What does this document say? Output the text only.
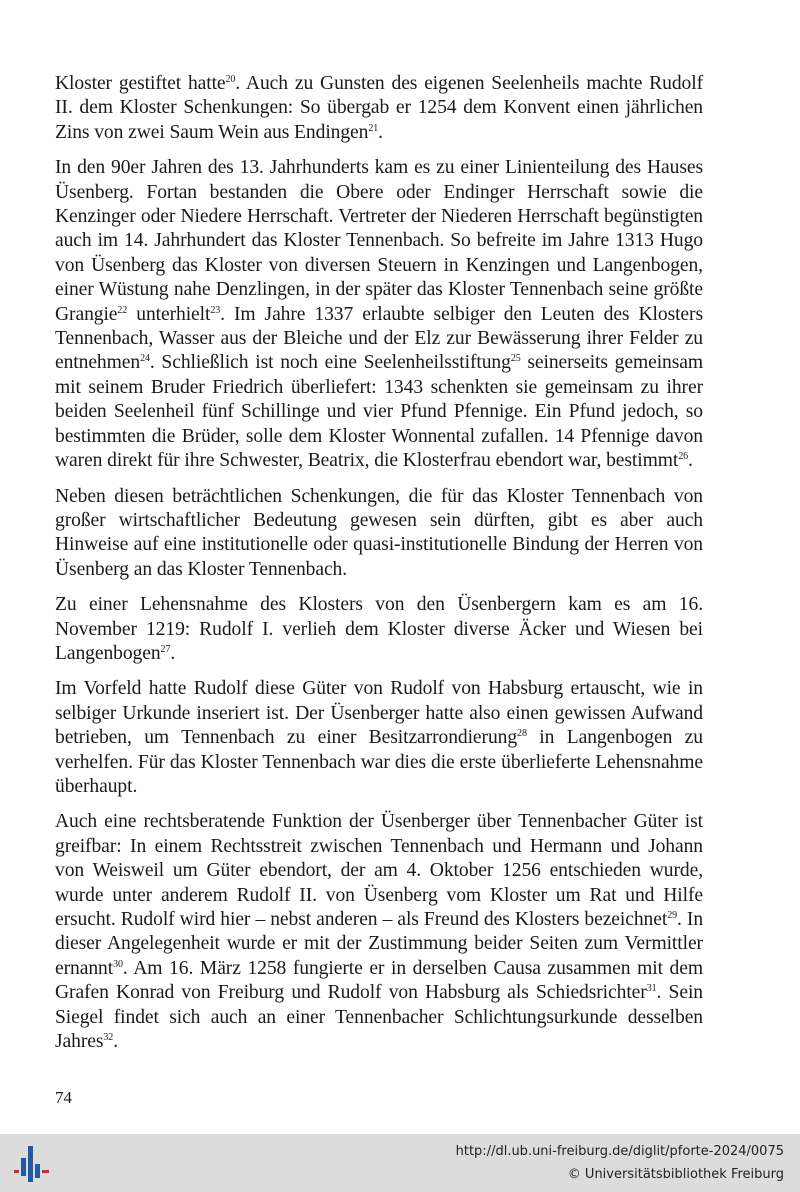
Kloster gestiftet hatte$^{20}$. Auch zu Gunsten des eigenen Seelenheils machte Rudolf II. dem Kloster Schenkungen: So übergab er 1254 dem Konvent einen jährlichen Zins von zwei Saum Wein aus Endingen$^{21}$.

In den 90er Jahren des 13. Jahrhunderts kam es zu einer Linienteilung des Hauses Üsenberg. Fortan bestanden die Obere oder Endinger Herrschaft sowie die Kenzinger oder Niedere Herrschaft. Vertreter der Niederen Herrschaft begünstigten auch im 14. Jahrhundert das Kloster Tennenbach. So befreite im Jahre 1313 Hugo von Üsenberg das Kloster von diversen Steuern in Kenzingen und Langenbogen, einer Wüstung nahe Denzlingen, in der später das Kloster Tennenbach seine größte Grangie$^{22}$ unterhielt$^{23}$. Im Jahre 1337 erlaubte selbiger den Leuten des Klosters Tennenbach, Wasser aus der Bleiche und der Elz zur Bewässerung ihrer Felder zu entnehmen$^{24}$. Schließlich ist noch eine Seelenheilsstiftung$^{25}$ seinerseits gemeinsam mit seinem Bruder Friedrich überliefert: 1343 schenkten sie gemeinsam zu ihrer beiden Seelenheil fünf Schillinge und vier Pfund Pfennige. Ein Pfund jedoch, so bestimmten die Brüder, solle dem Kloster Wonnental zufallen. 14 Pfennige davon waren direkt für ihre Schwester, Beatrix, die Klosterfrau ebendort war, bestimmt$^{26}$.

Neben diesen beträchtlichen Schenkungen, die für das Kloster Tennenbach von großer wirtschaftlicher Bedeutung gewesen sein dürften, gibt es aber auch Hinweise auf eine institutionelle oder quasi-institutionelle Bindung der Herren von Üsenberg an das Kloster Tennenbach.

Zu einer Lehensnahme des Klosters von den Üsenbergern kam es am 16. November 1219: Rudolf I. verlieh dem Kloster diverse Äcker und Wiesen bei Langenbogen$^{27}$.

Im Vorfeld hatte Rudolf diese Güter von Rudolf von Habsburg ertauscht, wie in selbiger Urkunde inseriert ist. Der Üsenberger hatte also einen gewissen Aufwand betrieben, um Tennenbach zu einer Besitzarrondierung$^{28}$ in Langenbogen zu verhelfen. Für das Kloster Tennenbach war dies die erste überlieferte Lehensnahme überhaupt.

Auch eine rechtsberatende Funktion der Üsenberger über Tennenbacher Güter ist greifbar: In einem Rechtsstreit zwischen Tennenbach und Hermann und Johann von Weisweil um Güter ebendort, der am 4. Oktober 1256 entschieden wurde, wurde unter anderem Rudolf II. von Üsenberg vom Kloster um Rat und Hilfe ersucht. Rudolf wird hier – nebst anderen – als Freund des Klosters bezeichnet$^{29}$. In dieser Angelegenheit wurde er mit der Zustimmung beider Seiten zum Vermittler ernannt$^{30}$. Am 16. März 1258 fungierte er in derselben Causa zusammen mit dem Grafen Konrad von Freiburg und Rudolf von Habsburg als Schiedsrichter$^{31}$. Sein Siegel findet sich auch an einer Tennenbacher Schlichtungsurkunde desselben Jahres$^{32}$.

74
http://dl.ub.uni-freiburg.de/diglit/pforte-2024/0075
© Universitätsbibliothek Freiburg
